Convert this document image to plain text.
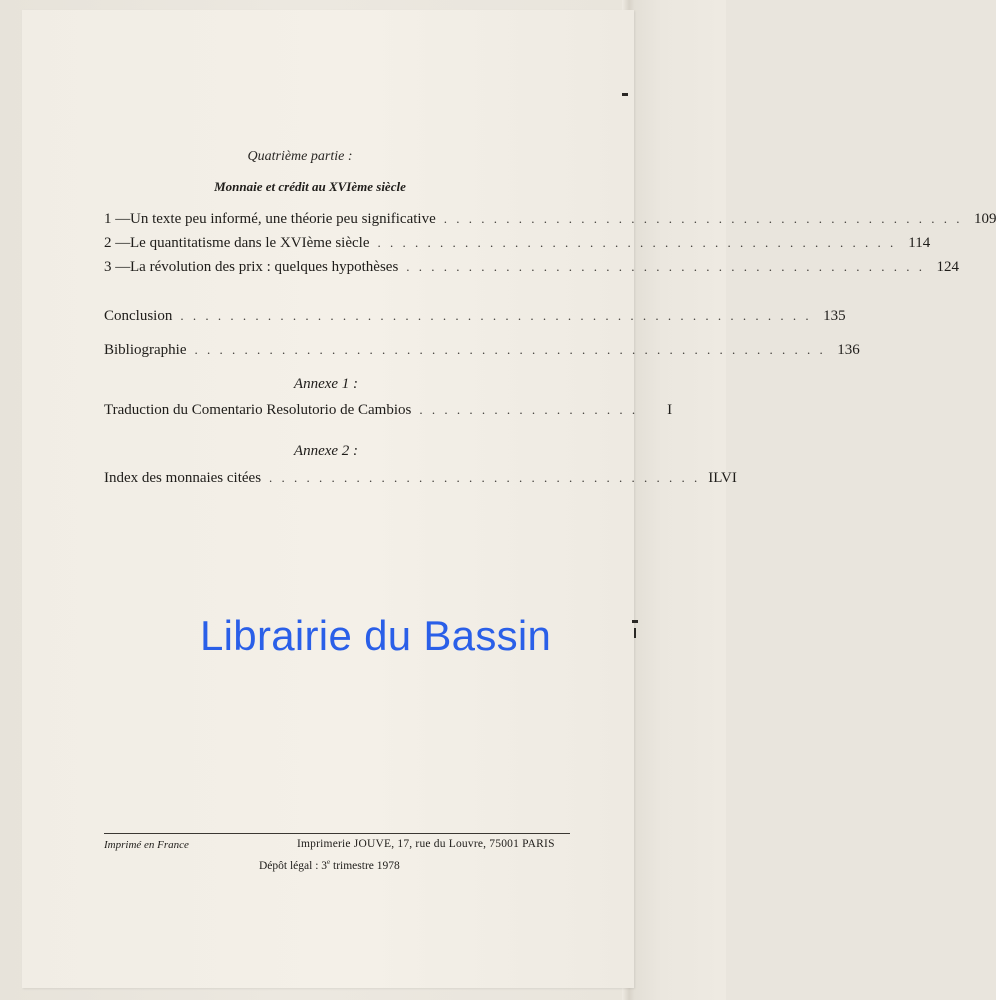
Quatrième partie :
Monnaie et crédit au XVIème siècle
1 — Un texte peu informé, une théorie peu significative . . . . . . . . . . . . . . . . . . . . . . . . . . . . . . . . . . . . . . . . . . 109
2 — Le quantitatisme dans le XVIème siècle . . . . . . . . . . . . . . . . . . . . . . . . . . . . . . . . . . . . . . . . . . 114
3 — La révolution des prix : quelques hypothèses . . . . . . . . . . . . . . . . . . . . . . . . . . . . . . . . . . . . . . . . . . 124
Conclusion . . . . . . . . . . . . . . . . . . . . . . . . . . . . . . . . . . . . . . . . . . . . . . . . . . . 135
Bibliographie . . . . . . . . . . . . . . . . . . . . . . . . . . . . . . . . . . . . . . . . . . . . . . . . . . . 136
Annexe 1 :
Traduction du Comentario Resolutorio de Cambios . . . . . . . . . . . . . . . . . .	I
Annexe 2 :
Index des monnaies citées . . . . . . . . . . . . . . . . . . . . . . . . . . . . . . . . . . . ILVI
Librairie du Bassin
Imprimé en France	Imprimerie JOUVE, 17, rue du Louvre, 75001 PARIS
Dépôt légal : 3e trimestre 1978
